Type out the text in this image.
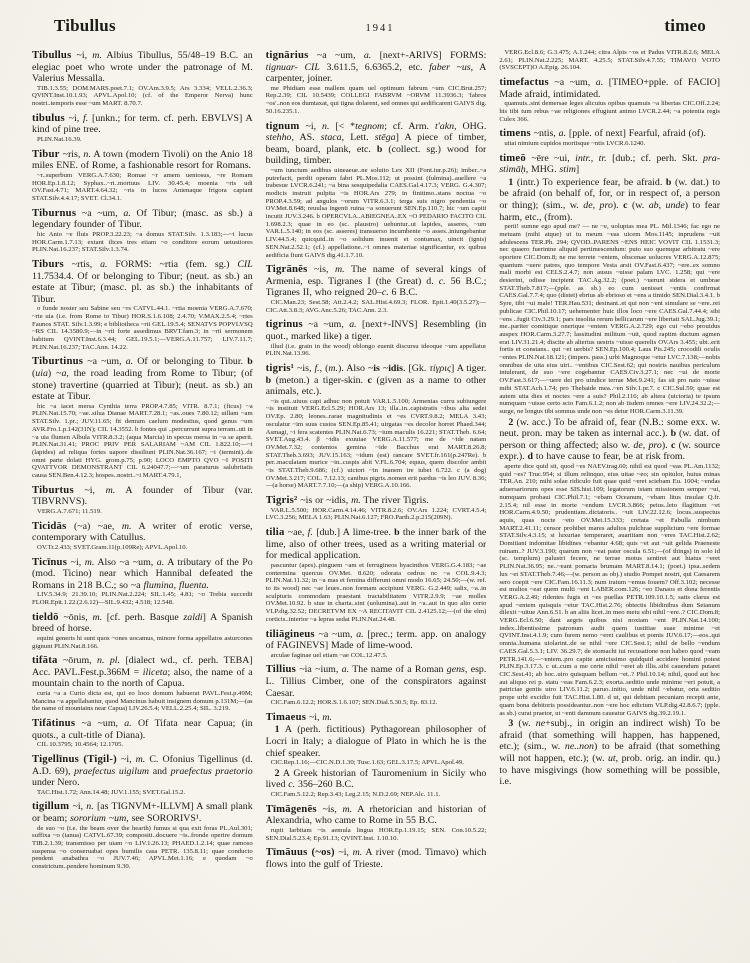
Tibullus	1941	timeo

Tibullus ~i, m. Albius Tibullus, 55/48–19 B.C. an elegiac poet who wrote under the patronage of M. Valerius Messalla.

TIB.1.3.55; DOM.MARS.poet.7.1; OV.Am.3.9.5; Ars 3.334; VELL.2.36.3; QVINT.Inst.10.1.93; APVL.Apol.10; (cf. of the Emperor Nerva) hunc nostri..temporis esse ~um MART. 8.70.7.

tibulus ~i, f. [unkn.; for term. cf. perh. EBVLVS] A kind of pine tree.

PLIN.Nat.16.39.

Tibur ~ris, n. A town (modern Tivoli) on the Anio 18 miles ENE. of Rome, a fashionable resort for Romans.

~r..superbum VERG.A.7.630; Romae ~r amem uentosus, ~re Romam HOR.Ep.1.8.12; Syphax..~ri..mortuus LIV. 30.45.4; moenia ~ris udi OV.Fast.4.71; MART.4.64.32; ~ris in lucos Anienaque frigora captant STAT.Silv.4.4.17; SVET. Cl.34.1.

Tiburnus ~a ~um, a. Of Tibur; (masc. as sb.) a legendary founder of Tibur.

hic Anio ~e fluis PROP.3.22.23; ~a domus STAT.Silv. 1.3.183;—~i lucus HOR.Carm.1.7.13; extant ilices tres etiam ~o conditore eorum uetustiores PLIN.Nat.16.237; STAT.Silv.1.3.74.

Tiburs ~rtis, a. FORMS: ~rtia (fem. sg.) CIL 11.7534.4. Of or belonging to Tibur; (neut. as sb.) an estate at Tibur; (masc. pl. as sb.) the inhabitants of Tibur.

o funde noster seu Sabine seu ~rs CATVL.44.1. ~rtia moenia VERG.A.7.670; ~rte uia (i.e. from Rome to Tibur) HOR.S.1.6.108; 2.4.70; V.MAX.2.5.4; ~rtes Faunos STAT. Silv.1.3.99; e bibliotheca ~rti GEL.19.5.4; SENATVS POPVLVSQ ~RS CIL 14.3580.9;—in ~rti forte assedimus BRVT.fam.3; in ~rti sermonem habitum QVINT.Inst.6.3.44; GEL.19.5.1;—VERG.A.11.757; LIV.7.11.7; PLIN.Nat.16.237; TAC.Ann. 14.22.

Tiburtinus ~a ~um, a. Of or belonging to Tibur. b (uia) ~a, the road leading from Rome to Tibur; (of stone) travertine (quarried at Tibur); (neut. as sb.) an estate at Tibur.

hic ~a iacet mersa Cynthia terra PROP.4.7.85; VITR. 8.7.1; (ficus) ~a PLIN.Nat.15.70; ~ae..silua Dianae MART.7.28.1; ~as..oues 7.80.12; uillam ~am STAT.Silv. 1.pr.; JUV.11.65; fit demum caelum modestius, quod genus ~um AVR.Fro.1.p.142(31N); CIL 14.3552. b fontes qui ..percurrunt supra terram..uti in ~a uia flumen Albula VITR.8.3.2; (aqua Marcia) in specus mersa in ~a se aperit. PLIN.Nat.31.41; PROC PRIV PER SALARIAM ~AM CIL 1.822.10;—~i (lapides) ad reliqua fortes uapore dissiliunt PLIN.Nat.36.167; ~i (termini)..de omni parte dolati HYG. grom.p.75; p.90; LOCO EMPTO QVO ~I POSITI QVATTVOR DEMONSTRANT CIL 6.24047.7;—~um paraturus salubritatis causa SEN.Ben.4.12.3; hospes..nostri..~i MART.4.79.1,

Tiburtus ~i, m. A founder of Tibur (var. TIBVRNVS).

VERG.A.7.671; 11.519.

Ticidās (~a) ~ae, m. A writer of erotic verse, contemporary with Catullus.

OV.Tr.2.433; SVET.Gram.11(p.109Re); APVL.Apol.10.

Ticīnus ~i, m. Also ~a ~um, a. A tributary of the Po (mod. Ticino) near which Hannibal defeated the Romans in 218 B.C.; so ~a flumina, fluenta.

LIV.5.34.9; 21.39.10; PLIN.Nat.2.224; SIL.1.45; 4.81; ~o Trebia succedit FLOR.Epit.1.22.(2.6.12)—SIL.9.432; 4.518; 12.548.

tieldō ~ōnis, m. [cf. perh. Basque zaldi] A Spanish breed of horse.

equini generis hi sunt quos ~ones uocamus, minore forma appellatos asturcones gignunt PLIN.Nat.8.166.

tifāta ~ōrum, n. pl. [dialect wd., cf. perh. TEBA] Acc. PAVL.Fest.p.366M = iliceta; also, the name of a mountain chain to the north of Capua.

curia ~a a Curio dicta est, qui eo loco domum habuerat PAVL.Fest.p.49M; Mancina ~a appellabantur, quod Mancinus habuit insignem domum p.131M;—(as the name of mountains near Capua) LIV.26.5.4; VELL.2.25.4; SIL. 3.219.

Tifātinus ~a ~um, a. Of Tifata near Capua; (in quots., a cult-title of Diana).

CIL 10.3795; 10.4564; 12.1705.

Tigellīnus (Tigil-) ~i, m. C. Ofonius Tigellinus (d. A.D. 69), praefectus uigilum and praefectus praetorio under Nero.

TAC.Hist.1.72; Ann.14.48; JUV.1.155; SVET.Gal.15.2.

tigillum ~i, n. [as TIGNVM+-ILLVM] A small plank or beam; sororium ~um, see SORORIVS¹.

de suo ~o (i.e. the beam over the hearth) fumus si qua exit foras PL.Aul.301; suffixa ~o (ianua) CATVL.67.39; compositi..docuere ~is..fronde operire domum TIB.2.1.39; transmisso per uiam ~o LIV.1.26.13; PHAED.1.2.14; quae ramoso suspensa ~o conseruabat opes humilis casa PETR. 135.8.11; quae conducto pendent anabathra ~o JUV.7.46; APVL.Met.1.16; e quodam ~o constrictum..pendere hominum 9.30.

tignārius ~a ~um, a. [next+-ARIVS] FORMS: tignuar- CIL 3.611.5, 6.6365.2, etc. faber ~us, A carpenter, joiner.

me Phidiam esse mallem quam uel optimum fabrum ~um CIC.Brut.257; Rep.2.39; CIL 10.5439; COLLEGI FABRVM ~ORVM 11.3936.3; 'fabros ~os'..non eos dumtaxat, qui tigna dolarent, sed omnes qui aedificarent GAIVS dig. 50.16.235.1.

tignum ~i, n. [< *tegnom; cf. Arm. t'akn, OHG. stehho, AS. staca, Lett. stēga] A piece of timber, beam, board, plank, etc. b (collect. sg.) wood for building, timber.

~um iunctum aedibus uineaeue..ne soluito Lex XII (Font.iur.p.26); imber..~a putrefacit, perdit operam fabri PL.Mos.112; ut possint (fulmina)..auellere ~a trabesue LVCR.6.241; ~a bina sesquipedalia CAES.Gal.4.17.3; VERG. G.4.307; modicis instruit pulpita ~is HOR.Ars 279; in finitimo..stans noctua ~o PROP.4.3.59; ad angulos ~orum VITR.6.3.1; terga suis nigro pendentia ~o OV.Met.8.648; reuulsa ingenti ruina ~a sonuerunt SEN.Ep.110.7; hic ~um capiti incutit JUV.3.246. b OPERCVLA..ABIEGNEA..EX ~O PEDARIO FACITO CIL 1.698.2.3; quae in eo (sc. plaustro) uehuntur..ut lapides, asseres, ~um VAR.L.5.140; in eos (sc. asseres) transuerso incumbente ~o asses..iniungebantur LIV.44.5.4; quicquid..in ~o solidum inuenit et contumax, uincit (ignis) SEN.Nat.2.52.1; (cf.) appellatione..~i omnes materiae significantur, ex quibus aedificia fiunt GAIVS dig.41.1.7.10.

Tigrānēs ~is, m. The name of several kings of Armenia, esp. Tigranes I (the Great) d. c. 56 B.C.; Tigranes II, who reigned 20–c. 6 B.C.

CIC.Man.23; Sest.58; Att.2.4.2; SAL.Hist.4.69.3; FLOR. Epit.1.40(3.5.27);—CIC.Att.3.8.3; AVG.Anc.5.26; TAC.Ann. 2.3.

tigrinus ~a ~um, a. [next+-INVS] Resembling (in quot., marked like) a tiger.

illud (i.e. grain in the wood) oblongo euenit discursu ideoque ~um appellatur PLIN.Nat.13.96.

tigris¹ ~is, f., (m.). Also ~is ~idis. [Gk. τίγρις] A tiger. b (meton.) a tiger-skin. c (given as a name to other animals, etc.).

~is qui..uiuus capi adhuc non potuit VAR.L.5.100; Armenias curru subiungere ~is instituit VERG.Ecl.5.29; HOR.Ars 13; illa..in..capistratis ~ibus alta sedet OV.Ep. 2.80; leones..rarae magnitudinis et ~es CVRT.9.8.2; MELA 3.43; osculatur ~im suus custos SEN.Ep.85.41; uirgatas ~es decolor horret Phaed.344; Asmagi, ~i fera scatentes PLIN.Nat.6.73; ~ium maculis 16.221; STAT.Theb. 6.64; SVET.Aug.43.4. β ~idis exuuiae VERG.A.11.577; me de ~ide natam OV.Met.7.32; contentos gemina ~ide Bacchus erat MART.8.26.8; STAT.Theb.3.693; JUV.15.163; ~idum (est) rancare SVET.fr.161(p.247Re). b per..maculatam murice ~in..cuspis abit V.FL.6.704; equus, quem discolor ambit ~is STAT.Theb.9.686; (cf.) uictori ~in inanem ire iubet 6.722. c (a dog) OV.Met.3.217; COL. 7.12.13; canibus pigris..nomen erit pardus ~is leo JUV. 8.36;—(a horse) MART.7.7.10;—(a ship) VERG.A.10.166.

Tigris² ~is or ~idis, m. The river Tigris.

VAR.L.5.500; HOR.Carm.4.14.46; VITR.8.2.6; OV.Ars 1.224; CVRT.4.5.4; LVC.3.256; MELA 1.63; PLIN.Nat.6.127; FRO.Parth.2.p.215(209N).

tilia ~ae, f. [dub.] A lime-tree. b the inner bark of the lime, also of other trees, used as a writing material or for medical application.

pascuntur (apes)..pinguem ~am et ferrugineos hyacinthos VERG.G.4.183; ~ae contermina quercus OV.Met. 8.620; odorata cedrus nc ~a COL.9.4.3; PLIN.Nat.11.32; in ~a mas et femina differunt omni modo 16.65; 24.50;—(w. ref. to its wood) nec ~ae leues..non formam accipiunt VERG. G.2.449; salix, ~a..in sculpturis commodam praestant tractabilitatem VITR.2.9.9; ~ae molles OV.Met.10.92. b siue in charta..sint (uolumina)..aut in ~a..aut in quo alio cerio VLP.dig.32.52; DECRETVM EX ~A RECITAVIT CIL 2.4125.12;—(of the elm) corticis..interior ~a lepras sedat PLIN.Nat.24.48.

tiliāgineus ~a ~um, a. [prec.; term. app. on analogy of FAGINEVS] Made of lime-wood.

arculae faginae uel etiam ~ae COL.12.47.5.

Tillius ~ia ~ium, a. The name of a Roman gens, esp. L. Tillius Cimber, one of the conspirators against Caesar.

CIC.Fam.6.12.2; HOR.S.1.6.107; SEN.Dial.5.30.5; Ep. 83.12.

Timaeus ~i, m.

1 A (perh. fictitious) Pythagorean philosopher of Locri in Italy; a dialogue of Plato in which he is the chief speaker.

CIC.Rep.1.16;—CIC.N.D.1.30; Tusc.1.63; GEL.3.17.5; APVL.Apol.49.

2 A Greek historian of Tauromenium in Sicily who lived c. 356–260 B.C.

CIC.Fam.5.12.2; Rep.3.43; Leg.2.15; N.D.2.69; NEP.Alc. 11.1.

Tīmāgenēs ~is, m. A rhetorician and historian of Alexandria, who came to Rome in 55 B.C.

rupit Iarbitam ~is aemula lingua HOR.Ep.1.19.15; SEN. Con.10.5.22; SEN.Dial.5.23.4; Ep.91.13; QVINT.Inst. 1.10.10.

Tīmāuus (~os) ~i, m. A river (mod. Timavo) which flows into the gulf of Trieste.

VERG.Ecl.8.6; G.3.475; A.1.244; citra Alpis ~os et Padus VITR.8.2.6; MELA 2.61; PLIN.Nat.2.225; MART. 4.25.5; STAT.Silv.4.7.55; TIMAVO VOTO (SVSCEPT)O A.Epig. 26.104.

timefactus ~a ~um, a. [TIMEO+pple. of FACIO] Made afraid, intimidated.

quamuis..sint demersae leges alicuius opibus quamuis ~a libertas CIC.Off.2.24; his tibi tum rebus ~ae religiones effugiunt animo LVCR.2.44; ~a potentia regis Culex 366.

timens ~ntis, a. [pple. of next] Fearful, afraid (of).

uitai nimium cupidos mortisque ~ntis LVCR.6.1240.

timeō ~ēre ~ui, intr., tr. [dub.; cf. perh. Skt. pra-stimāḥ, MHG. stim]

1 (intr.) To experience fear, be afraid. b (w. dat.) to be afraid (on behalf of, for, or in respect of, a person or thing); (sim., w. de, pro). c (w. ab, unde) to fear harm, etc., (from).

perii! sumne ego apud me? — ne ~e, uoluptas mea PL. Mil.1346; fac ego ne metuam (mihi atque) ut tu meum ~eas uicem Mos.1145; inprudens ~uit adulescens TER.Ph. 294; QVOD..PARENS ~ENS HEIC VOVIT CIL 1.1531.3; nec quaero fuerintne aliquid pertimescendum: puto suo quemque arbitratu ~ere oportere CIC.Dom.8; ne me terrete ~entem, obscenae uolucres VERG.A.12.875; quantum ~uere patres, quo tempore Vesta arsit OV.Fast.6.437; ~ere..ex somno mali morbi est CELS.2.4.7; non ausus ~uisse palam LVC. 1.258; qui ~ere desierint, odisse incipient TAC.Ag.32.2; (poet.) ~uerunt sidera et umbrae STAT.Theb.7.817;—(pple. as sb.) eo cum uenisset ~entis confirmat CAES.Gal.7.7.4; quo (distet) ebrius ab ebrioso et ~ens a timido SEN.Dial.3.4.1. b Syre, tibi ~ui male! TER.Hau.531; desinant..et qui non ~ent simulare se ~ere..rei publicae CIC.Phil.10.17; uehementer huic illos loco ~ere CAES.Gal.7.44.4; sibi ~ens ..fugit Civ.3.29.1; pars insolita rerum bellicarum ~ere libertati SAL.Jug.39.1; me..pariter comitique onerique ~entem VERG.A.2.729; ego cui ~ebo prouidus auspex HOR.Carm.3.27.7; lassitudini militum ~uit, quod raptim ductum agmen erat LIV.31.21.4; discite ab alterius uestris ~uisse querelis OV.Ars 3.455; ubi..erit fortis et constans.. qui ~et uerbis? SEN.Ep.100.4; Laus Pis.245; crocodili oculis ~entes PLIN.Nat.18.121; (impers. pass.) urbi Magnoque ~etur LVC.7.138;—nobis omnibus de uita eius uiri.. ~entibus CIC.Sest.62; qui nostris nauibus periculum intulerant, de suo ~ere cogebantur CAES.Civ.3.27.1; nec ~ui de morte OV.Fast.3.617;—~uere dei pro uindice terrae Met.9.241; fas sit pro nato ~uisse mihi STAT.Ach.1.74; pro Thebaide mea..~en Silv.1.pr.7. c CIC.Sul.59; quae est autem uita dies et noctes ~ere a suis? Phil.2.116; ab altera (uictoria) te ipsum numquam ~uisse certo scio Fam.6.1.2; non ab iisdem omnes ~ere LIV.24.32.2;—surge, ne longus tibi somnus unde non ~es detur HOR.Carm.3.11.39.

2 (w. acc.) To be afraid of, fear (N.B.: some exx. w. neut. pron. may be taken as internal acc.). b (w. dat. of person or thing affected; also w. de, pro). c (w. source expr.). d to have cause to fear, be at risk from.

aperte dice quid sit, quod ~es NAEV.trag.60; nihil est quod ~eas PL.Am.1132; quid ~es? Truc.954; si illum relinquo, eius uitae ~eo; sin opitulor, huius minas TER.An. 210; mihi solae ridiculo fuit quae quid ~eret sciebam Eu. 1004; ~endas aduersariorum opes esse SIS.hist.109; legatorum istam missionem semper ~ui, numquam probaui CIC.Phil.7.1; ~ebam Oceanum, ~ebam litus insulae Q.fr. 2.15.4; nil esse in morte ~endum LVCR.3.866; peius..leto flagitium ~et HOR.Carm.4.9.50; prudentiam..dictatoris.. ~uit LIV.22.12.6; locus..suspectus aquis, quas nocte ~eto OV.Met.15.333; cretata ~et Fabulla nimbum MART.2.41.11; censor prohibet mares adultos pulchrae supplicium ~ere formae STAT.Silv.4.3.15; si luxuriae temperaret, auaritiam non ~eres TAC.Hist.2.62; Domitiani indomitae libidines ~ebantur 4.68; quis ~et aut ~uit gelida Praeneste ruinam..? JUV.3.190; quarum non ~eat pater oscula 6.51;—(of things) in solo id (sc. templum) palustri fecere, ne terrae motus sentiret aut hiatus ~eret PLIN.Nat.36.95; ne..~eant pomaria brumam MART.8.14.1; (poet.) ipsa..sedem lux ~et STAT.Theb.7.46;—(w. person as obj.) studio Pompei nostri, qui Caesarem sero coepit ~ere CIC.Fam.16.11.3; num iratum ~emus Iouem? Off.3.102; necesse est multos ~eat quem multi ~ent LABER.com.126; ~eo Danaos et dona ferentis VERG.A.2.49; ridentes fugis et ~es puellas PETR.109.10.1.5; satis clarus est apud ~entem quisquis ~etur TAC.Hist.2.76; obtectis libidinibus dum Seianum dilexit ~uitue Ann.6.51. b an aliis licet..in meo metu sibi nihil ~ere..? CIC.Dom.8; VERG.Ecl.6.50; dant aegris quibus nisi noxiam ~ent PLIN.Nat.14.100; index..libentissime patronum audit quem iustitiae suae minime ~et QVINT.Inst.4.1.9; cum furem nemo ~eret caulibus et pomis JUV.6.17;—eos..qui omnia..humana uiolarint..de se nihil ~ere CIC.Sest.1; nihil de bello ~endum CAES.Gal.5.3.1; LIV. 36.29.7; de stomachi tui recusatione non habeo quod ~eam PETR.141.6;—~entem..pro capite amicissimo quidquid accidere homini potest PLIN.Ep.3.17.3. c ut..cum a me certe nihil ~eret ab illis..sibi cauendum putaret CIC.Sest.41; ab hoc..uiro quisquam bellum ~et..? Phil.10.14; nihil, quod aut hoc aut aliquo rei p. statu ~eas Fam.6.2.3; exorta..seditio unde minime ~eri potuit, a patriciae gentis uiro LIV.6.11.2; paruo..initio, unde nihil ~ebatur, orta seditio prope urbi excidio fuit TAC.Hist.1.80. d ut, qui debitam pecuniam recepit ante, quam bona debitoris possideantur..non ~ere hoc edictum VLP.dig.42.8.6.7; (pple. as sb.) curat praetor, ut ~enti damnum caueatur GAIVS dig.39.2.19.1.

3 (w. ne+subj., in origin an indirect wish) To be afraid (that something will happen, has happened, etc.); (sim., w. ne..non) to be afraid (that something will not happen, etc.); (w. ut, prob. orig. an indir. qu.) to have misgivings (how something will be possible, i.e.
